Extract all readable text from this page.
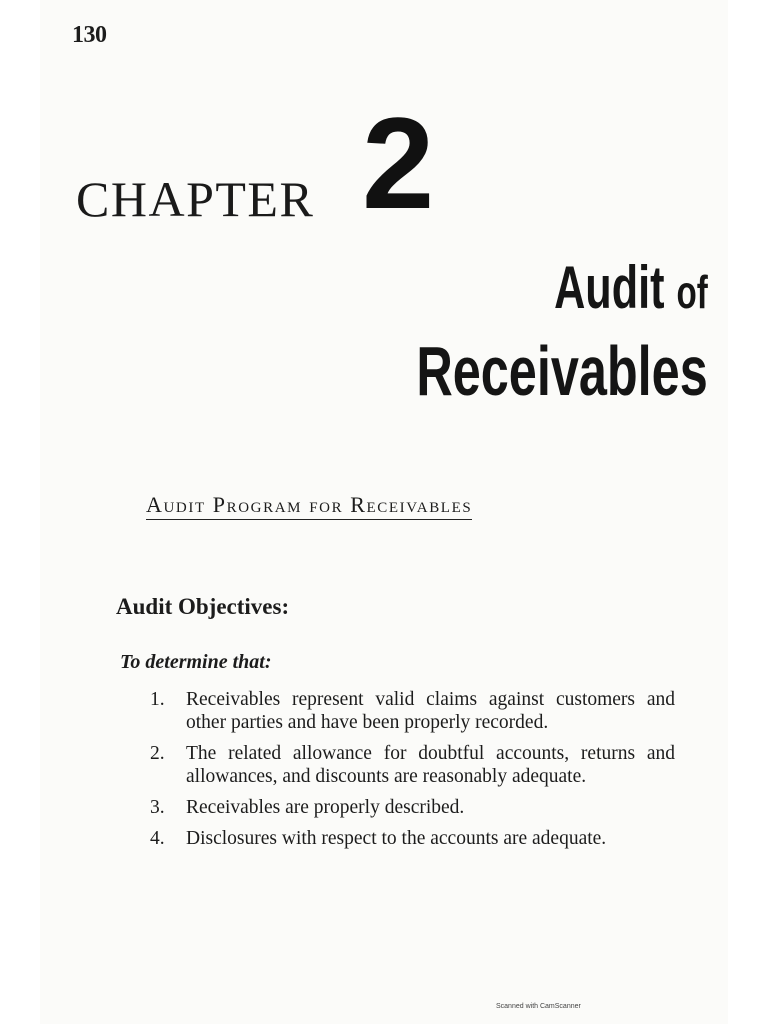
130
CHAPTER 2
Audit of
Receivables
Audit Program for Receivables
Audit Objectives:
To determine that:
1. Receivables represent valid claims against customers and other parties and have been properly recorded.
2. The related allowance for doubtful accounts, returns and allowances, and discounts are reasonably adequate.
3. Receivables are properly described.
4. Disclosures with respect to the accounts are adequate.
Scanned with CamScanner
